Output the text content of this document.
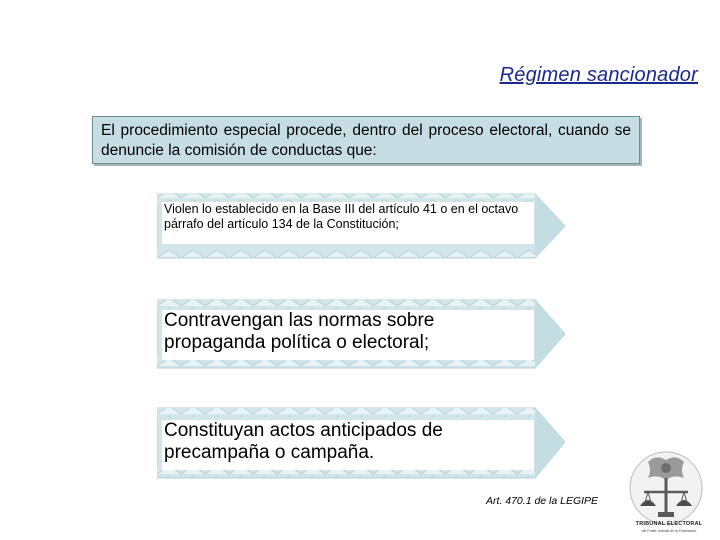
Régimen sancionador
El procedimiento especial procede, dentro del proceso electoral, cuando se denuncie la comisión de conductas que:
Violen lo establecido en la Base III del artículo 41 o en el octavo párrafo del artículo 134 de la Constitución;
Contravengan las normas sobre propaganda política o electoral;
Constituyan actos anticipados de precampaña o campaña.
Art. 470.1 de la LEGIPE
TRIBUNAL ELECTORAL
del Poder Judicial de la Federación
